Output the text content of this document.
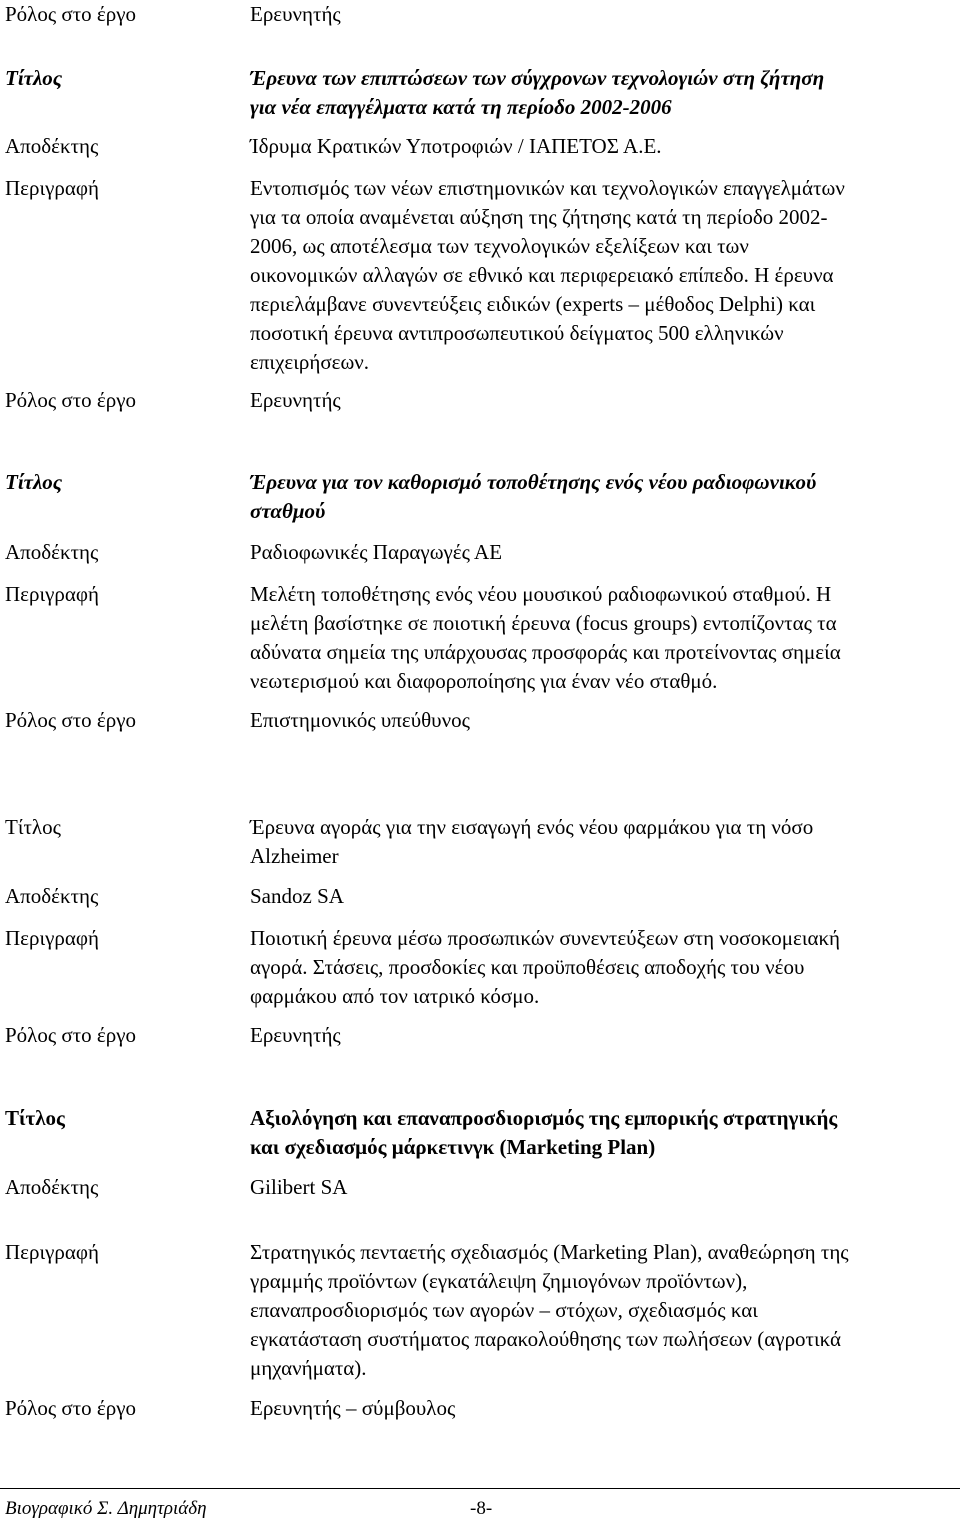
Ρόλος στο έργο	Ερευνητής
Τίτλος	Έρευνα των επιπτώσεων των σύγχρονων τεχνολογιών στη ζήτηση
για νέα επαγγέλματα κατά τη περίοδο 2002-2006
Αποδέκτης	Ίδρυμα Κρατικών Υποτροφιών / ΙΑΠΕΤΟΣ Α.Ε.
Περιγραφή	Εντοπισμός των νέων επιστημονικών και τεχνολογικών επαγγελμάτων
για τα οποία αναμένεται αύξηση της ζήτησης κατά τη περίοδο 2002-
2006, ως αποτέλεσμα των τεχνολογικών εξελίξεων και των
οικονομικών αλλαγών σε εθνικό και περιφερειακό επίπεδο. Η έρευνα
περιελάμβανε συνεντεύξεις ειδικών (experts – μέθοδος Delphi) και
ποσοτική έρευνα αντιπροσωπευτικού δείγματος 500 ελληνικών
επιχειρήσεων.
Ρόλος στο έργο	Ερευνητής
Τίτλος	Έρευνα για τον καθορισμό τοποθέτησης ενός νέου ραδιοφωνικού
σταθμού
Αποδέκτης	Ραδιοφωνικές Παραγωγές ΑΕ
Περιγραφή	Μελέτη τοποθέτησης ενός νέου μουσικού ραδιοφωνικού σταθμού. Η
μελέτη βασίστηκε σε ποιοτική έρευνα (focus groups) εντοπίζοντας τα
αδύνατα σημεία της υπάρχουσας προσφοράς και προτείνοντας σημεία
νεωτερισμού και διαφοροποίησης για έναν νέο σταθμό.
Ρόλος στο έργο	Επιστημονικός υπεύθυνος
Τίτλος	Έρευνα αγοράς για την εισαγωγή ενός νέου φαρμάκου για τη νόσο
Alzheimer
Αποδέκτης	Sandoz SA
Περιγραφή	Ποιοτική έρευνα μέσω προσωπικών συνεντεύξεων στη νοσοκομειακή
αγορά. Στάσεις, προσδοκίες και προϋποθέσεις αποδοχής του νέου
φαρμάκου από τον ιατρικό κόσμο.
Ρόλος στο έργο	Ερευνητής
Τίτλος	Αξιολόγηση και επαναπροσδιορισμός της εμπορικής στρατηγικής
και σχεδιασμός μάρκετινγκ (Marketing Plan)
Αποδέκτης	Gilibert SA
Περιγραφή	Στρατηγικός πενταετής σχεδιασμός (Marketing Plan), αναθεώρηση της
γραμμής προϊόντων (εγκατάλειψη ζημιογόνων προϊόντων),
επαναπροσδιορισμός των αγορών – στόχων, σχεδιασμός και
εγκατάσταση συστήματος παρακολούθησης των πωλήσεων (αγροτικά
μηχανήματα).
Ρόλος στο έργο	Ερευνητής – σύμβουλος
Βιογραφικό Σ. Δημητριάδη	-8-
